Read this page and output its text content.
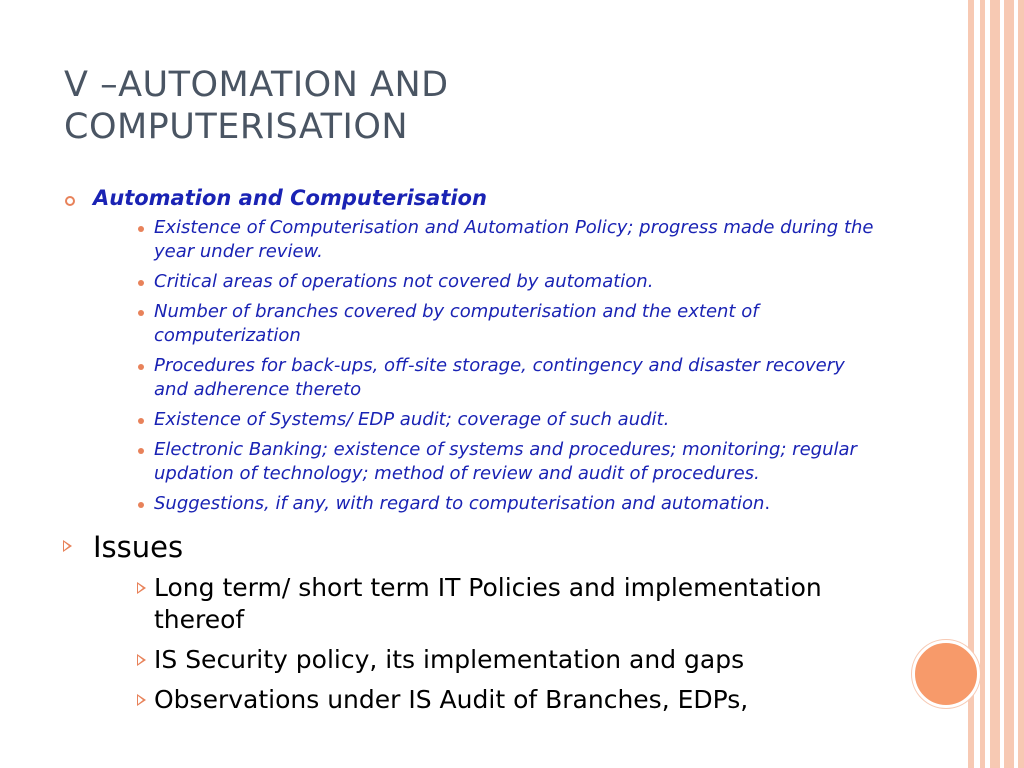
V –AUTOMATION AND
COMPUTERISATION
Automation and Computerisation
Existence of Computerisation and Automation Policy; progress made during the year under review.
Critical areas of operations not covered by automation.
Number of branches covered by computerisation and the extent of computerization
Procedures for back-ups, off-site storage, contingency and disaster recovery and adherence thereto
Existence of Systems/ EDP audit; coverage of such audit.
Electronic Banking; existence of systems and procedures; monitoring; regular updation of technology; method of review and audit of procedures.
Suggestions, if any, with regard to computerisation and automation.
Issues
Long term/ short term IT Policies and implementation thereof
IS Security policy, its implementation and gaps
Observations under IS Audit of Branches, EDPs,
